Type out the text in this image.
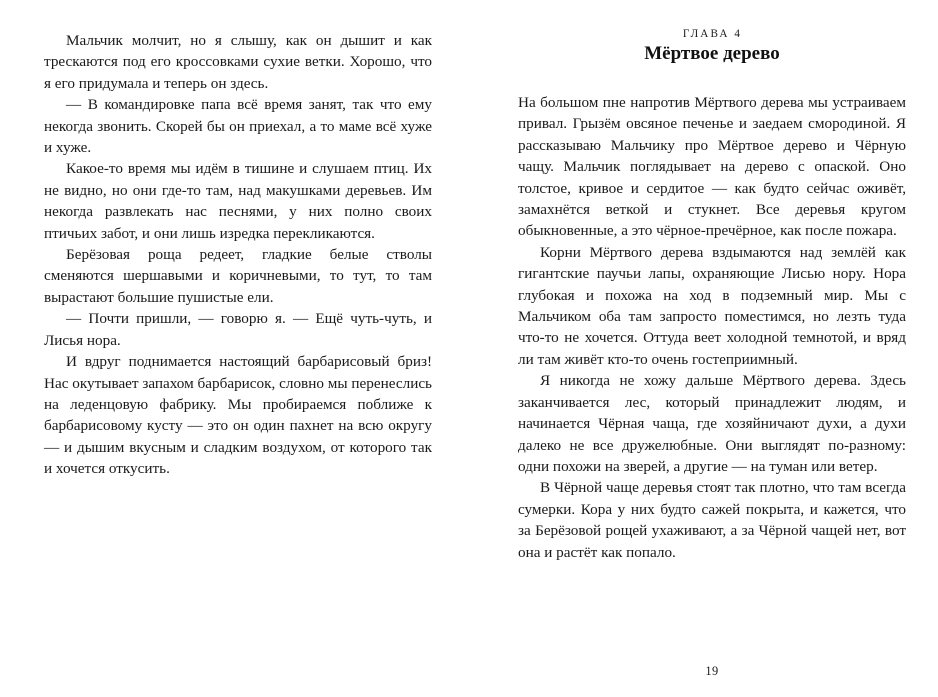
Мальчик молчит, но я слышу, как он дышит и как трескаются под его кроссовками сухие ветки. Хорошо, что я его придумала и теперь он здесь.

— В командировке папа всё время занят, так что ему некогда звонить. Скорей бы он приехал, а то маме всё хуже и хуже.

Какое-то время мы идём в тишине и слушаем птиц. Их не видно, но они где-то там, над макушками деревьев. Им некогда развлекать нас песнями, у них полно своих птичьих забот, и они лишь изредка перекликаются.

Берёзовая роща редеет, гладкие белые стволы сменяются шершавыми и коричневыми, то тут, то там вырастают большие пушистые ели.

— Почти пришли, — говорю я. — Ещё чуть-чуть, и Лисья нора.

И вдруг поднимается настоящий барбарисовый бриз! Нас окутывает запахом барбарисок, словно мы перенеслись на леденцовую фабрику. Мы пробираемся поближе к барбарисовому кусту — это он один пахнет на всю округу — и дышим вкусным и сладким воздухом, от которого так и хочется откусить.

ГЛАВА 4
Мёртвое дерево

На большом пне напротив Мёртвого дерева мы устраиваем привал. Грызём овсяное печенье и заедаем смородиной. Я рассказываю Мальчику про Мёртвое дерево и Чёрную чащу. Мальчик поглядывает на дерево с опаской. Оно толстое, кривое и сердитое — как будто сейчас оживёт, замахнётся веткой и стукнет. Все деревья кругом обыкновенные, а это чёрное-пречёрное, как после пожара.

Корни Мёртвого дерева вздымаются над землёй как гигантские паучьи лапы, охраняющие Лисью нору. Нора глубокая и похожа на ход в подземный мир. Мы с Мальчиком оба там запросто поместимся, но лезть туда что-то не хочется. Оттуда веет холодной темнотой, и вряд ли там живёт кто-то очень гостеприимный.

Я никогда не хожу дальше Мёртвого дерева. Здесь заканчивается лес, который принадлежит людям, и начинается Чёрная чаща, где хозяйничают духи, а духи далеко не все дружелюбные. Они выглядят по-разному: одни похожи на зверей, а другие — на туман или ветер.

В Чёрной чаще деревья стоят так плотно, что там всегда сумерки. Кора у них будто сажей покрыта, и кажется, что за Берёзовой рощей ухаживают, а за Чёрной чащей нет, вот она и растёт как попало.

19
